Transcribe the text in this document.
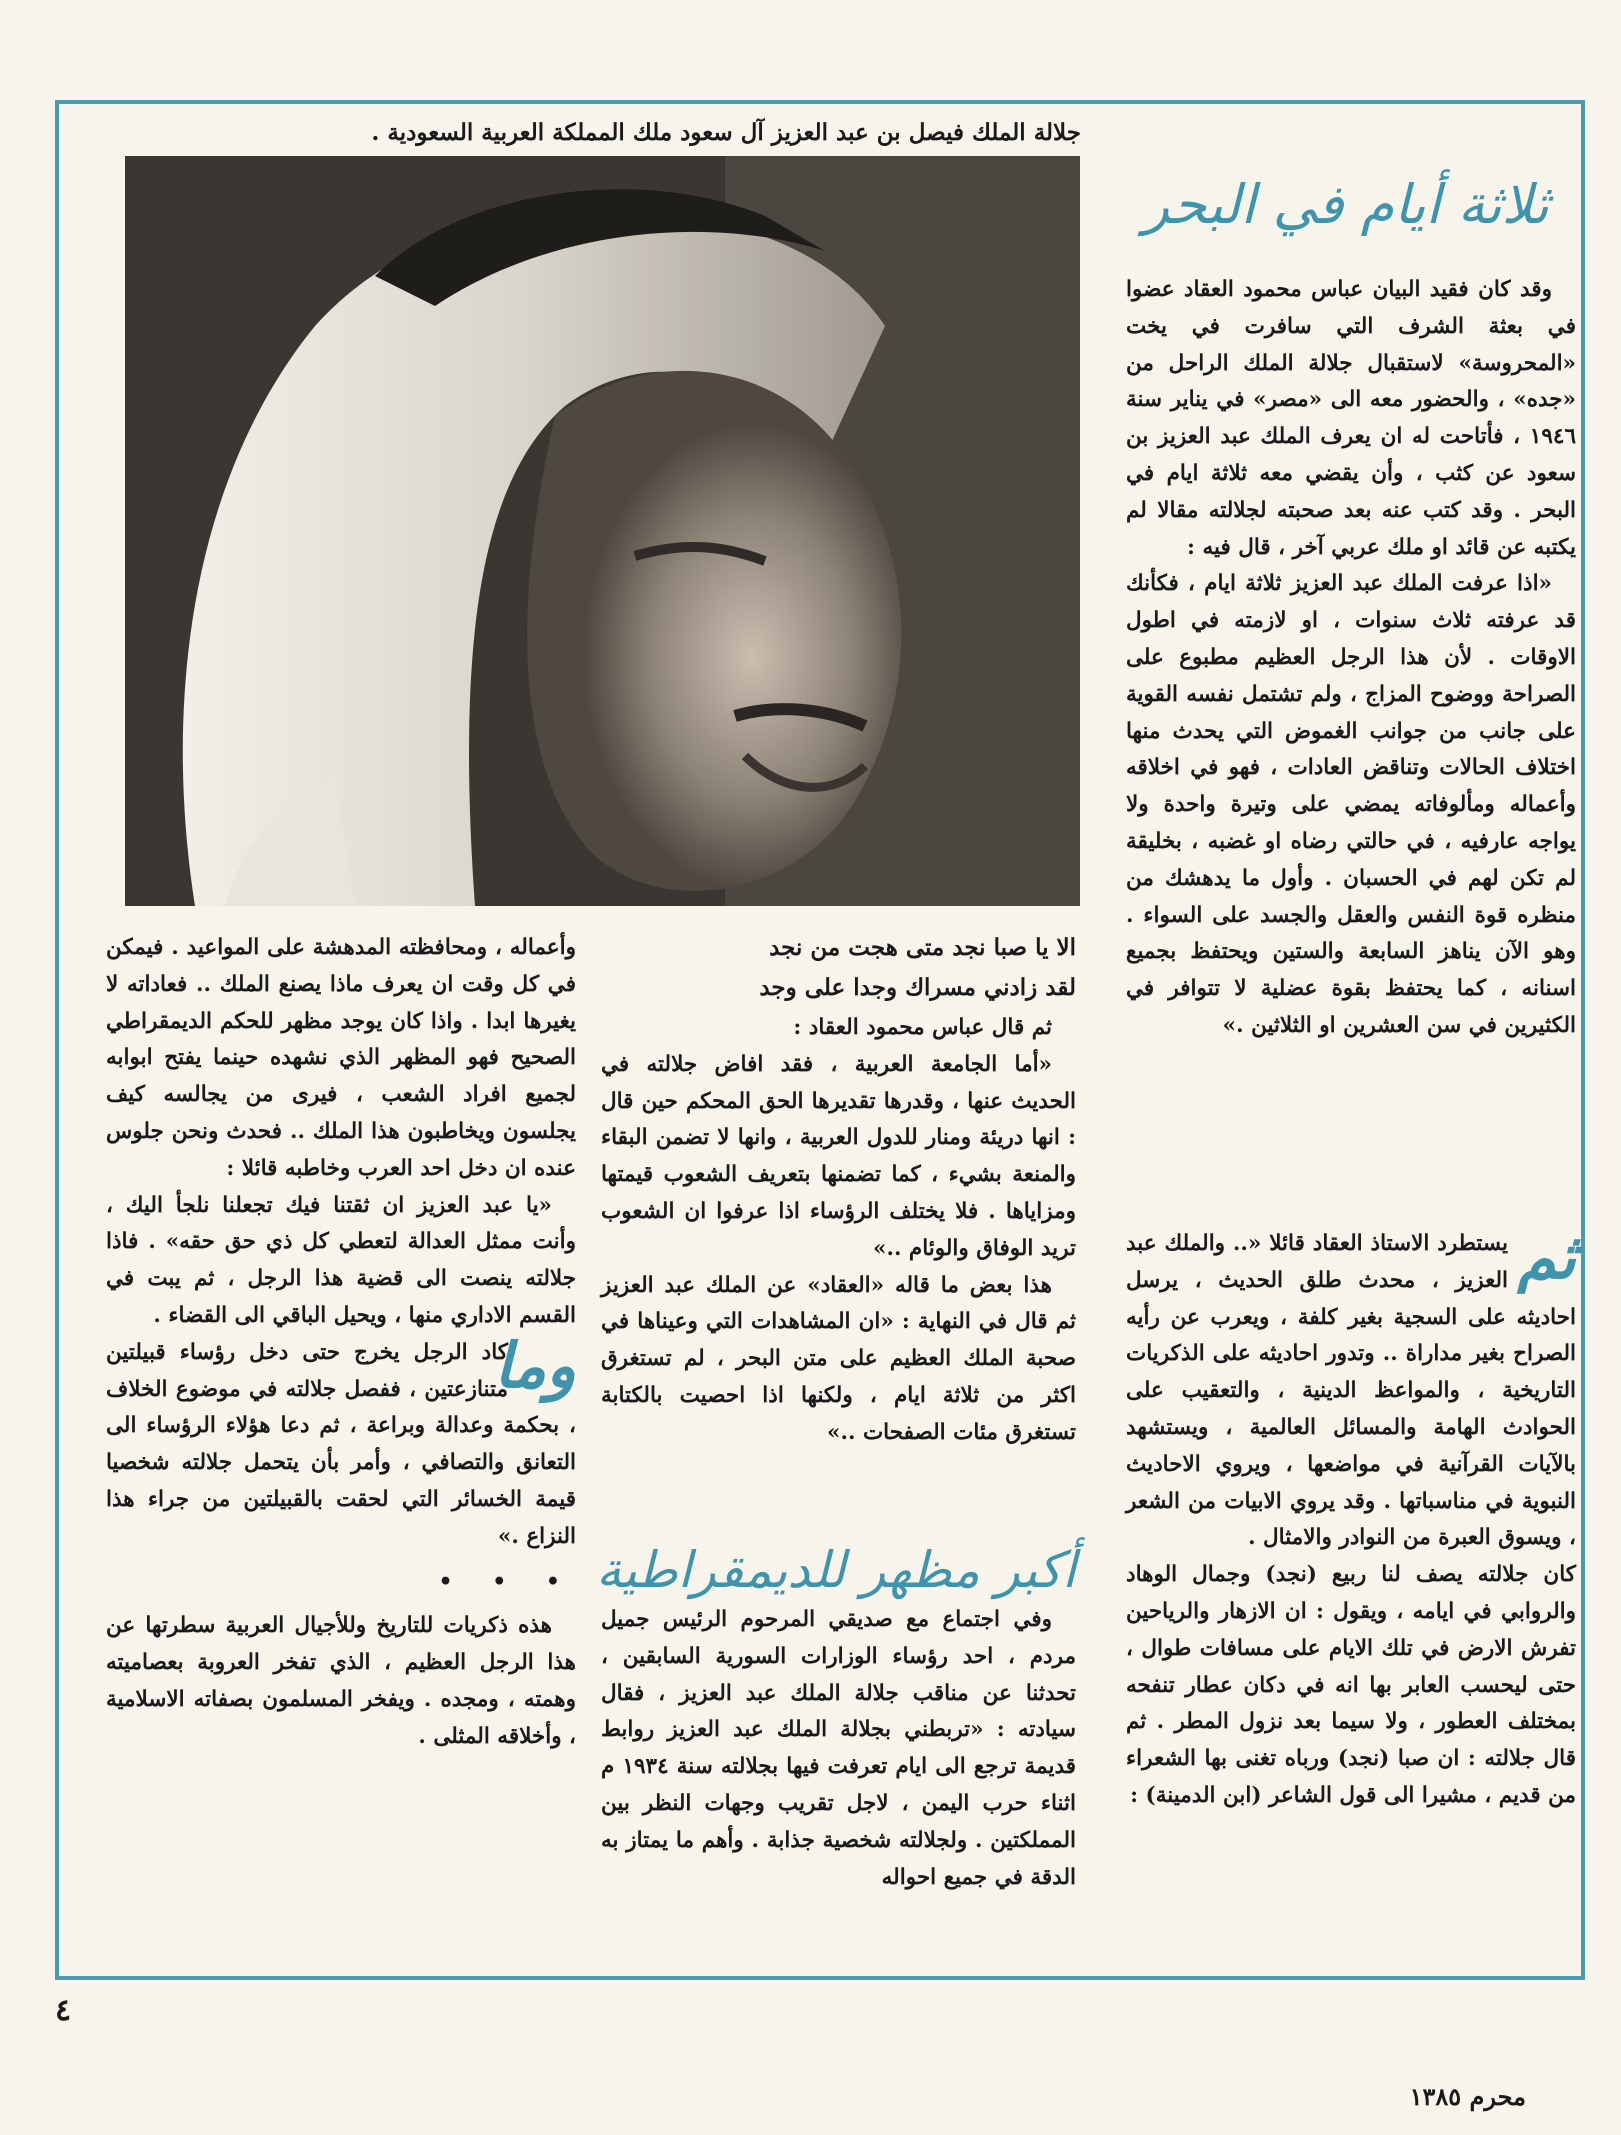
جلالة الملك فيصل بن عبد العزيز آل سعود ملك المملكة العربية السعودية .
ثلاثة أيام في البحر

وقد كان فقيد البيان عباس محمود العقاد عضوا في بعثة الشرف التي سافرت في يخت «المحروسة» لاستقبال جلالة الملك الراحل من «جده» ، والحضور معه الى «مصر» في يناير سنة ١٩٤٦ ، فأتاحت له ان يعرف الملك عبد العزيز بن سعود عن كثب ، وأن يقضي معه ثلاثة ايام في البحر . وقد كتب عنه بعد صحبته لجلالته مقالا لم يكتبه عن قائد او ملك عربي آخر ، قال فيه :

«اذا عرفت الملك عبد العزيز ثلاثة ايام ، فكأنك قد عرفته ثلاث سنوات ، او لازمته في اطول الاوقات . لأن هذا الرجل العظيم مطبوع على الصراحة ووضوح المزاج ، ولم تشتمل نفسه القوية على جانب من جوانب الغموض التي يحدث منها اختلاف الحالات وتناقض العادات ، فهو في اخلاقه وأعماله ومألوفاته يمضي على وتيرة واحدة ولا يواجه عارفيه ، في حالتي رضاه او غضبه ، بخليقة لم تكن لهم في الحسبان . وأول ما يدهشك من منظره قوة النفس والعقل والجسد على السواء . وهو الآن يناهز السابعة والستين ويحتفظ بجميع اسنانه ، كما يحتفظ بقوة عضلية لا تتوافر في الكثيرين في سن العشرين او الثلاثين .»

ثم

يستطرد الاستاذ العقاد قائلا «.. والملك عبد العزيز ، محدث طلق الحديث ، يرسل احاديثه على السجية بغير كلفة ، ويعرب عن رأيه الصراح بغير مداراة .. وتدور احاديثه على الذكريات التاريخية ، والمواعظ الدينية ، والتعقيب على الحوادث الهامة والمسائل العالمية ، ويستشهد بالآيات القرآنية في مواضعها ، ويروي الاحاديث النبوية في مناسباتها . وقد يروي الابيات من الشعر ، ويسوق العبرة من النوادر والامثال .

كان جلالته يصف لنا ربيع (نجد) وجمال الوهاد والروابي في ايامه ، ويقول : ان الازهار والرياحين تفرش الارض في تلك الايام على مسافات طوال ، حتى ليحسب العابر بها انه في دكان عطار تنفحه بمختلف العطور ، ولا سيما بعد نزول المطر . ثم قال جلالته : ان صبا (نجد) ورباه تغنى بها الشعراء من قديم ، مشيرا الى قول الشاعر (ابن الدمينة) :

الا يا صبا نجد متى هجت من نجد

لقد زادني مسراك وجدا على وجد

ثم قال عباس محمود العقاد :

«أما الجامعة العربية ، فقد افاض جلالته في الحديث عنها ، وقدرها تقديرها الحق المحكم حين قال : انها دريئة ومنار للدول العربية ، وانها لا تضمن البقاء والمنعة بشيء ، كما تضمنها بتعريف الشعوب قيمتها ومزاياها . فلا يختلف الرؤساء اذا عرفوا ان الشعوب تريد الوفاق والوئام ..»

هذا بعض ما قاله «العقاد» عن الملك عبد العزيز ثم قال في النهاية : «ان المشاهدات التي وعيناها في صحبة الملك العظيم على متن البحر ، لم تستغرق اكثر من ثلاثة ايام ، ولكنها اذا احصيت بالكتابة تستغرق مئات الصفحات ..»

أكبر مظهر للديمقراطية

وفي اجتماع مع صديقي المرحوم الرئيس جميل مردم ، احد رؤساء الوزارات السورية السابقين ، تحدثنا عن مناقب جلالة الملك عبد العزيز ، فقال سيادته : «تربطني بجلالة الملك عبد العزيز روابط قديمة ترجع الى ايام تعرفت فيها بجلالته سنة ١٩٣٤ م اثناء حرب اليمن ، لاجل تقريب وجهات النظر بين المملكتين . ولجلالته شخصية جذابة . وأهم ما يمتاز به الدقة في جميع احواله

وأعماله ، ومحافظته المدهشة على المواعيد . فيمكن في كل وقت ان يعرف ماذا يصنع الملك .. فعاداته لا يغيرها ابدا . واذا كان يوجد مظهر للحكم الديمقراطي الصحيح فهو المظهر الذي نشهده حينما يفتح ابوابه لجميع افراد الشعب ، فيرى من يجالسه كيف يجلسون ويخاطبون هذا الملك .. فحدث ونحن جلوس عنده ان دخل احد العرب وخاطبه قائلا :

«يا عبد العزيز ان ثقتنا فيك تجعلنا نلجأ اليك ، وأنت ممثل العدالة لتعطي كل ذي حق حقه» . فاذا جلالته ينصت الى قضية هذا الرجل ، ثم يبت في القسم الاداري منها ، ويحيل الباقي الى القضاء .

وما

كاد الرجل يخرج حتى دخل رؤساء قبيلتين متنازعتين ، ففصل جلالته في موضوع الخلاف ، بحكمة وعدالة وبراعة ، ثم دعا هؤلاء الرؤساء الى التعانق والتصافي ، وأمر بأن يتحمل جلالته شخصيا قيمة الخسائر التي لحقت بالقبيلتين من جراء هذا النزاع .»

• • •

هذه ذكريات للتاريخ وللأجيال العربية سطرتها عن هذا الرجل العظيم ، الذي تفخر العروبة بعصاميته وهمته ، ومجده . ويفخر المسلمون بصفاته الاسلامية ، وأخلاقه المثلى .

٤
محرم ١٣٨٥
